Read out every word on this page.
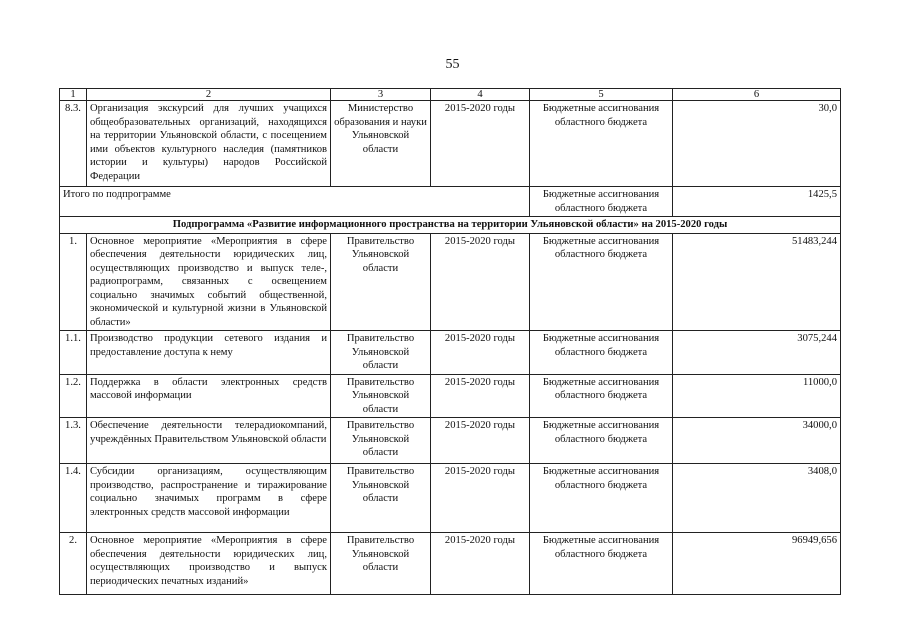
55
1	2	3	4	5	6
8.3.	Организация экскурсий для лучших учащихся общеобразовательных организаций, находящихся на территории Ульяновской области, с посещением ими объектов культурного наследия (памятников истории и культуры) народов Российской Федерации	Министерство образования и науки Ульяновской области	2015-2020 годы	Бюджетные ассигнования областного бюджета	30,0
Итого по подпрограмме				Бюджетные ассигнования областного бюджета	1425,5
Подпрограмма «Развитие информационного пространства на территории Ульяновской области» на 2015-2020 годы					
1.	Основное мероприятие «Мероприятия в сфере обеспечения деятельности юридических лиц, осуществляющих производство и выпуск теле-, радиопрограмм, связанных с освещением социально значимых событий общественной, экономической и культурной жизни в Ульяновской области»	Правительство Ульяновской области	2015-2020 годы	Бюджетные ассигнования областного бюджета	51483,244
1.1.	Производство продукции сетевого издания и предоставление доступа к нему	Правительство Ульяновской области	2015-2020 годы	Бюджетные ассигнования областного бюджета	3075,244
1.2.	Поддержка в области электронных средств массовой информации	Правительство Ульяновской области	2015-2020 годы	Бюджетные ассигнования областного бюджета	11000,0
1.3.	Обеспечение деятельности телерадиокомпаний, учреждённых Правительством Ульяновской области	Правительство Ульяновской области	2015-2020 годы	Бюджетные ассигнования областного бюджета	34000,0
1.4.	Субсидии организациям, осуществляющим производство, распространение и тиражирование социально значимых программ в сфере электронных средств массовой информации	Правительство Ульяновской области	2015-2020 годы	Бюджетные ассигнования областного бюджета	3408,0
2.	Основное мероприятие «Мероприятия в сфере обеспечения деятельности юридических лиц, осуществляющих производство и выпуск периодических печатных изданий»	Правительство Ульяновской области	2015-2020 годы	Бюджетные ассигнования областного бюджета	96949,656
